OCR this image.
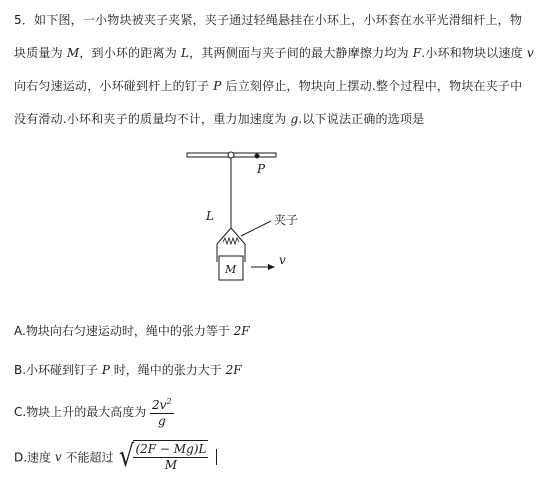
5．如下图，一小物块被夹子夹紧，夹子通过轻绳悬挂在小环上，小环套在水平光滑细杆上，物
块质量为 M，到小环的距离为 L，其两侧面与夹子间的最大静摩擦力均为 F.小环和物块以速度 v
向右匀速运动，小环碰到杆上的钉子 P 后立刻停止，物块向上摆动.整个过程中，物块在夹子中
没有滑动.小环和夹子的质量均不计，重力加速度为 g.以下说法正确的选项是
P
L	夹子
M
v
A.物块向右匀速运动时，绳中的张力等于 2F
B.小环碰到钉子 P 时，绳中的张力大于 2F
C.物块上升的最大高度为 $\frac{2v^2}{g}$
D.速度 v 不能超过 √
$\frac{(2F - Mg)L}{M}$
